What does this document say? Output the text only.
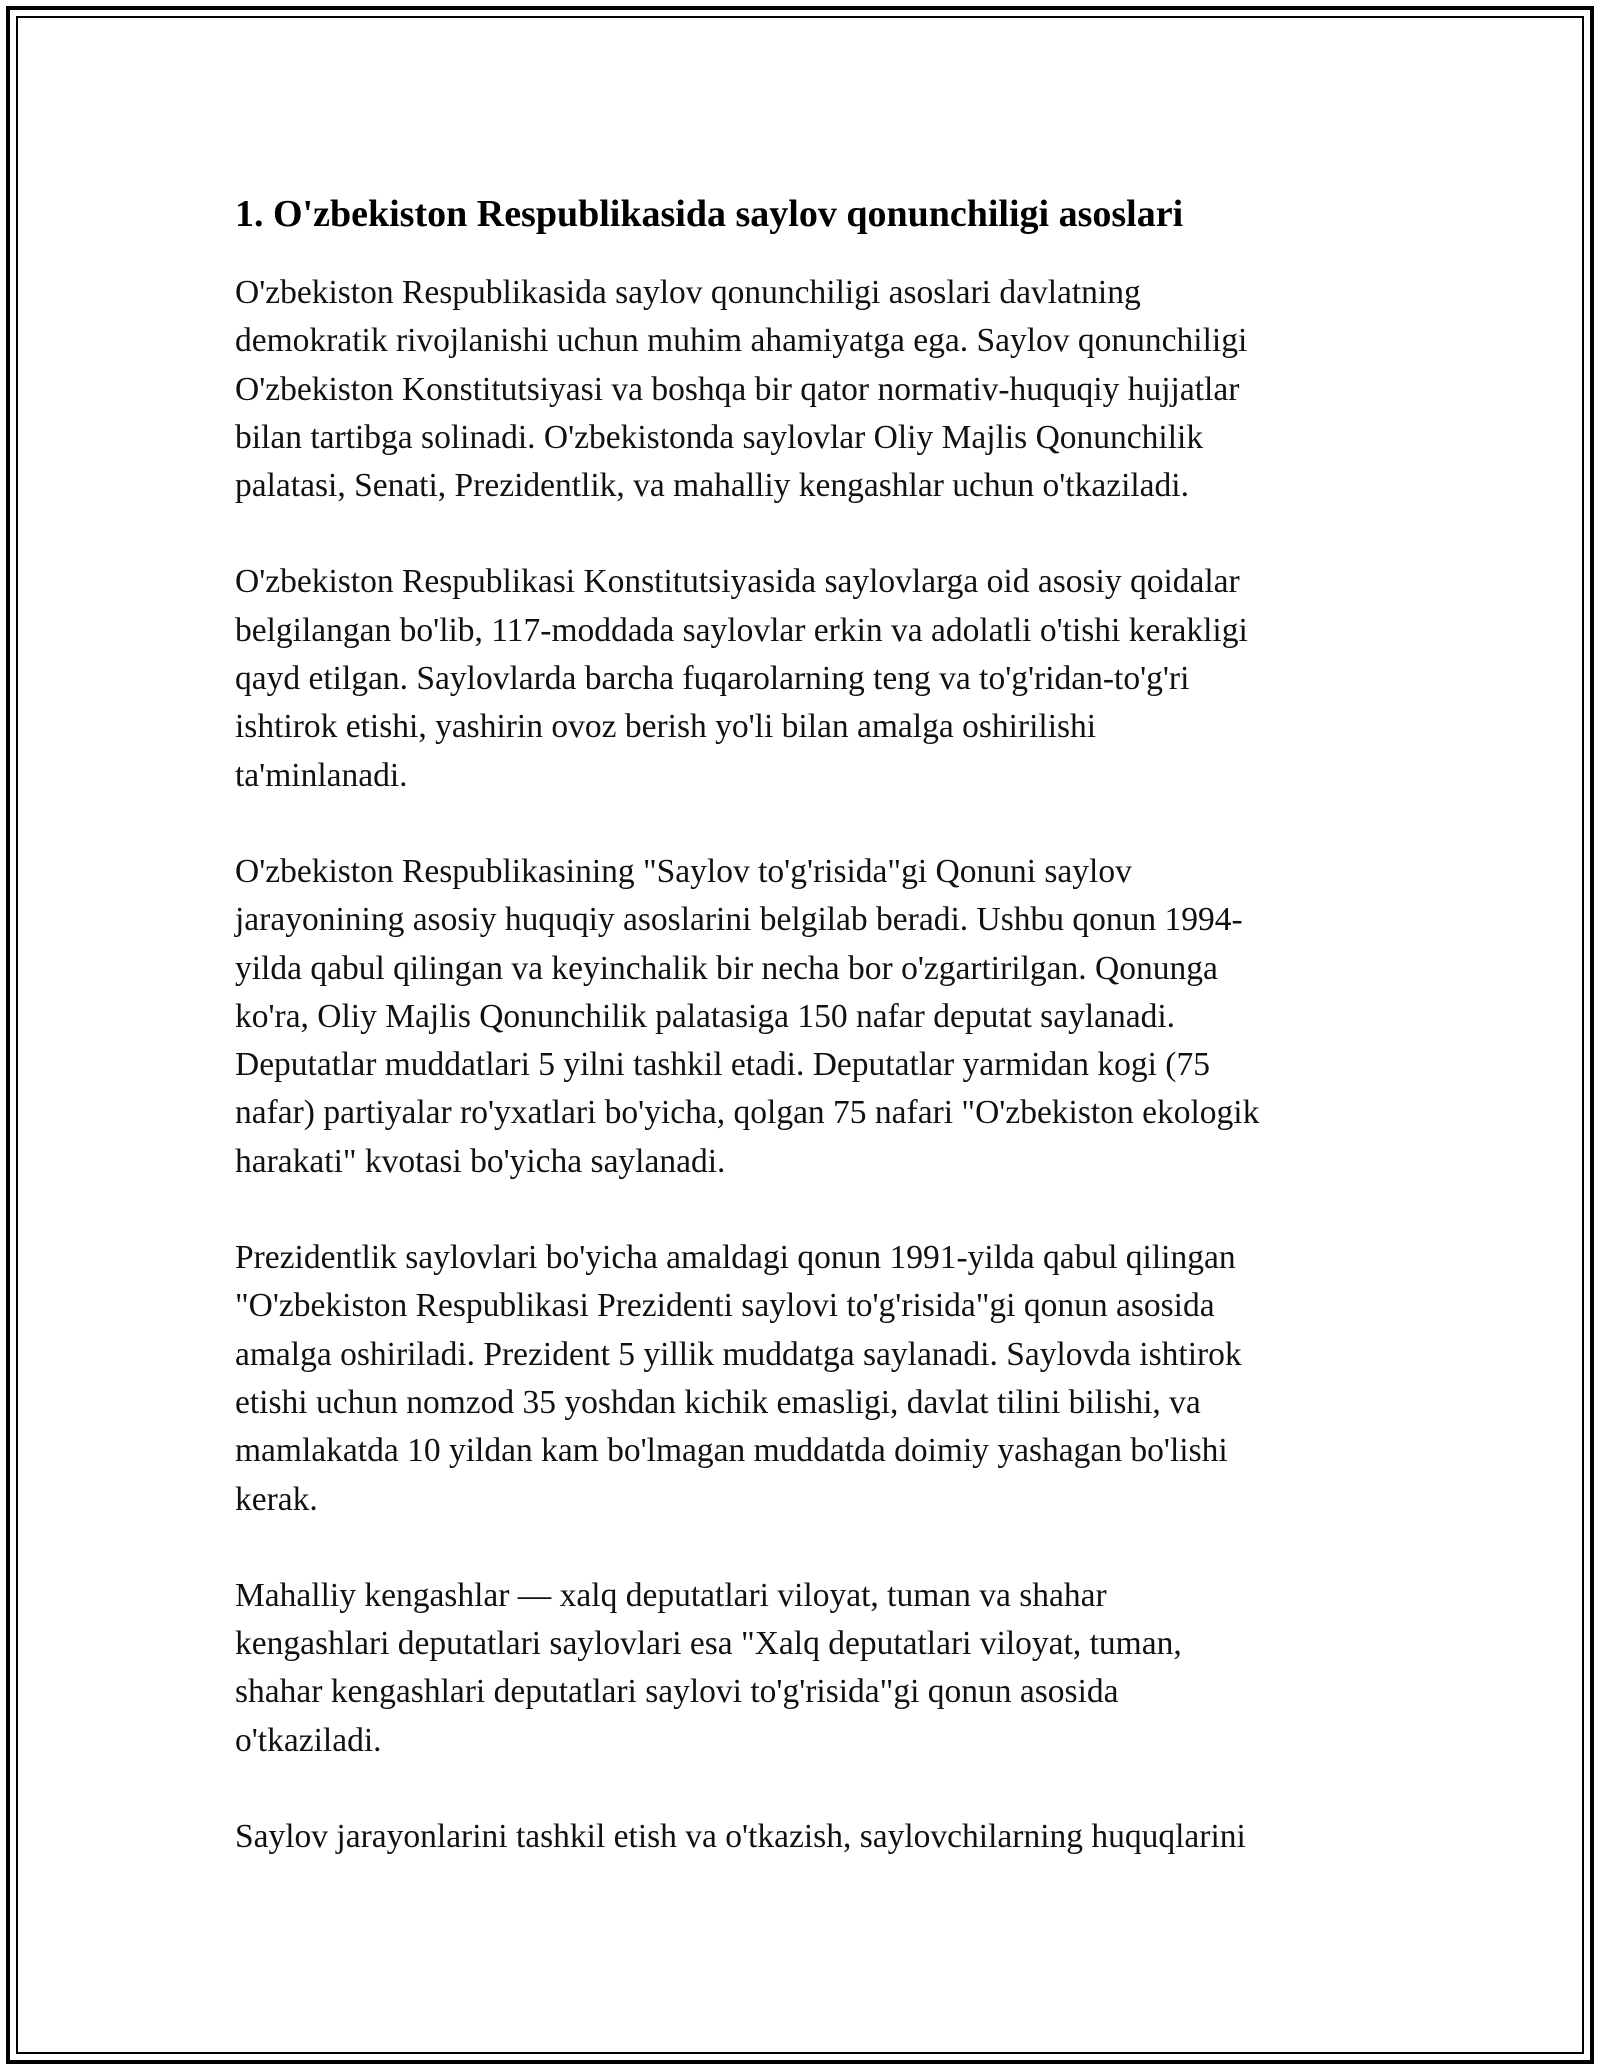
1. O'zbekiston Respublikasida saylov qonunchiligi asoslari

O'zbekiston Respublikasida saylov qonunchiligi asoslari davlatning
demokratik rivojlanishi uchun muhim ahamiyatga ega. Saylov qonunchiligi
O'zbekiston Konstitutsiyasi va boshqa bir qator normativ-huquqiy hujjatlar
bilan tartibga solinadi. O'zbekistonda saylovlar Oliy Majlis Qonunchilik
palatasi, Senati, Prezidentlik, va mahalliy kengashlar uchun o'tkaziladi.

O'zbekiston Respublikasi Konstitutsiyasida saylovlarga oid asosiy qoidalar
belgilangan bo'lib, 117-moddada saylovlar erkin va adolatli o'tishi kerakligi
qayd etilgan. Saylovlarda barcha fuqarolarning teng va to'g'ridan-to'g'ri
ishtirok etishi, yashirin ovoz berish yo'li bilan amalga oshirilishi
ta'minlanadi.

O'zbekiston Respublikasining "Saylov to'g'risida"gi Qonuni saylov
jarayonining asosiy huquqiy asoslarini belgilab beradi. Ushbu qonun 1994-
yilda qabul qilingan va keyinchalik bir necha bor o'zgartirilgan. Qonunga
ko'ra, Oliy Majlis Qonunchilik palatasiga 150 nafar deputat saylanadi.
Deputatlar muddatlari 5 yilni tashkil etadi. Deputatlar yarmidan kogi (75
nafar) partiyalar ro'yxatlari bo'yicha, qolgan 75 nafari "O'zbekiston ekologik
harakati" kvotasi bo'yicha saylanadi.

Prezidentlik saylovlari bo'yicha amaldagi qonun 1991-yilda qabul qilingan
"O'zbekiston Respublikasi Prezidenti saylovi to'g'risida"gi qonun asosida
amalga oshiriladi. Prezident 5 yillik muddatga saylanadi. Saylovda ishtirok
etishi uchun nomzod 35 yoshdan kichik emasligi, davlat tilini bilishi, va
mamlakatda 10 yildan kam bo'lmagan muddatda doimiy yashagan bo'lishi
kerak.

Mahalliy kengashlar — xalq deputatlari viloyat, tuman va shahar
kengashlari deputatlari saylovlari esa "Xalq deputatlari viloyat, tuman,
shahar kengashlari deputatlari saylovi to'g'risida"gi qonun asosida
o'tkaziladi.

Saylov jarayonlarini tashkil etish va o'tkazish, saylovchilarning huquqlarini
